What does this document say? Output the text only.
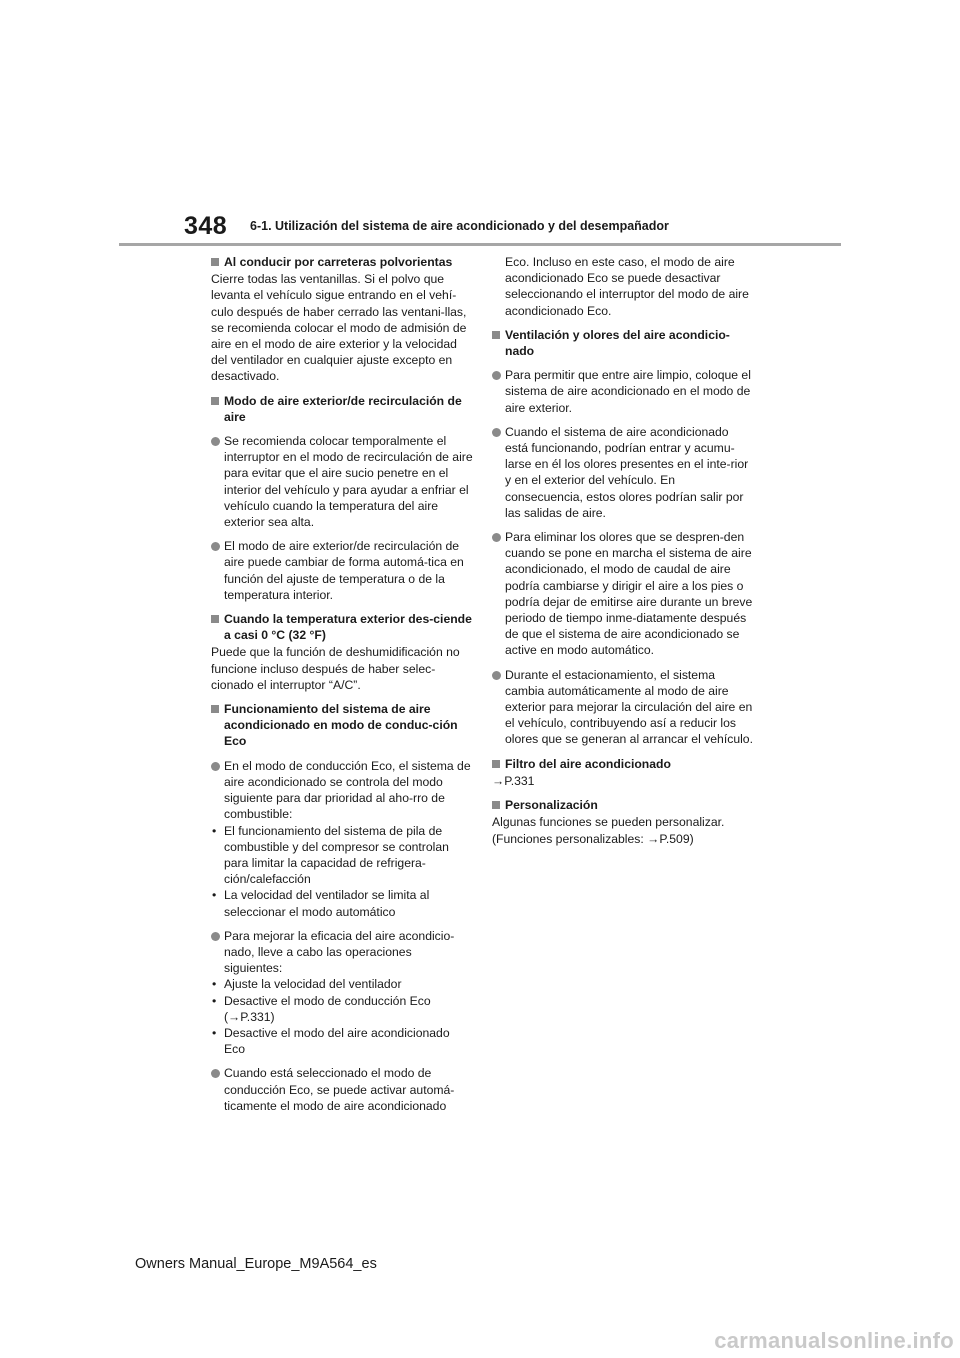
348 6-1. Utilización del sistema de aire acondicionado y del desempañador
Al conducir por carreteras polvorientas
Cierre todas las ventanillas. Si el polvo que levanta el vehículo sigue entrando en el vehí-culo después de haber cerrado las ventani-llas, se recomienda colocar el modo de admisión de aire en el modo de aire exterior y la velocidad del ventilador en cualquier ajuste excepto en desactivado.
Modo de aire exterior/de recirculación de aire
Se recomienda colocar temporalmente el interruptor en el modo de recirculación de aire para evitar que el aire sucio penetre en el interior del vehículo y para ayudar a enfriar el vehículo cuando la temperatura del aire exterior sea alta.
El modo de aire exterior/de recirculación de aire puede cambiar de forma automá-tica en función del ajuste de temperatura o de la temperatura interior.
Cuando la temperatura exterior des-ciende a casi 0 °C (32 °F)
Puede que la función de deshumidificación no funcione incluso después de haber selec-cionado el interruptor “A/C”.
Funcionamiento del sistema de aire acondicionado en modo de conduc-ción Eco
En el modo de conducción Eco, el sistema de aire acondicionado se controla del modo siguiente para dar prioridad al aho-rro de combustible:
• El funcionamiento del sistema de pila de combustible y del compresor se controlan para limitar la capacidad de refrigera-ción/calefacción
• La velocidad del ventilador se limita al seleccionar el modo automático
Para mejorar la eficacia del aire acondicio-nado, lleve a cabo las operaciones siguientes:
• Ajuste la velocidad del ventilador
• Desactive el modo de conducción Eco (→P.331)
• Desactive el modo del aire acondicionado Eco
Cuando está seleccionado el modo de conducción Eco, se puede activar automá-ticamente el modo de aire acondicionado
Eco. Incluso en este caso, el modo de aire acondicionado Eco se puede desactivar seleccionando el interruptor del modo de aire acondicionado Eco.
Ventilación y olores del aire acondicio-nado
Para permitir que entre aire limpio, coloque el sistema de aire acondicionado en el modo de aire exterior.
Cuando el sistema de aire acondicionado está funcionando, podrían entrar y acumu-larse en él los olores presentes en el inte-rior y en el exterior del vehículo. En consecuencia, estos olores podrían salir por las salidas de aire.
Para eliminar los olores que se despren-den cuando se pone en marcha el sistema de aire acondicionado, el modo de caudal de aire podría cambiarse y dirigir el aire a los pies o podría dejar de emitirse aire durante un breve periodo de tiempo inme-diatamente después de que el sistema de aire acondicionado se active en modo automático.
Durante el estacionamiento, el sistema cambia automáticamente al modo de aire exterior para mejorar la circulación del aire en el vehículo, contribuyendo así a reducir los olores que se generan al arrancar el vehículo.
Filtro del aire acondicionado
→P.331
Personalización
Algunas funciones se pueden personalizar. (Funciones personalizables: →P.509)
Owners Manual_Europe_M9A564_es
carmanualsonline.info
